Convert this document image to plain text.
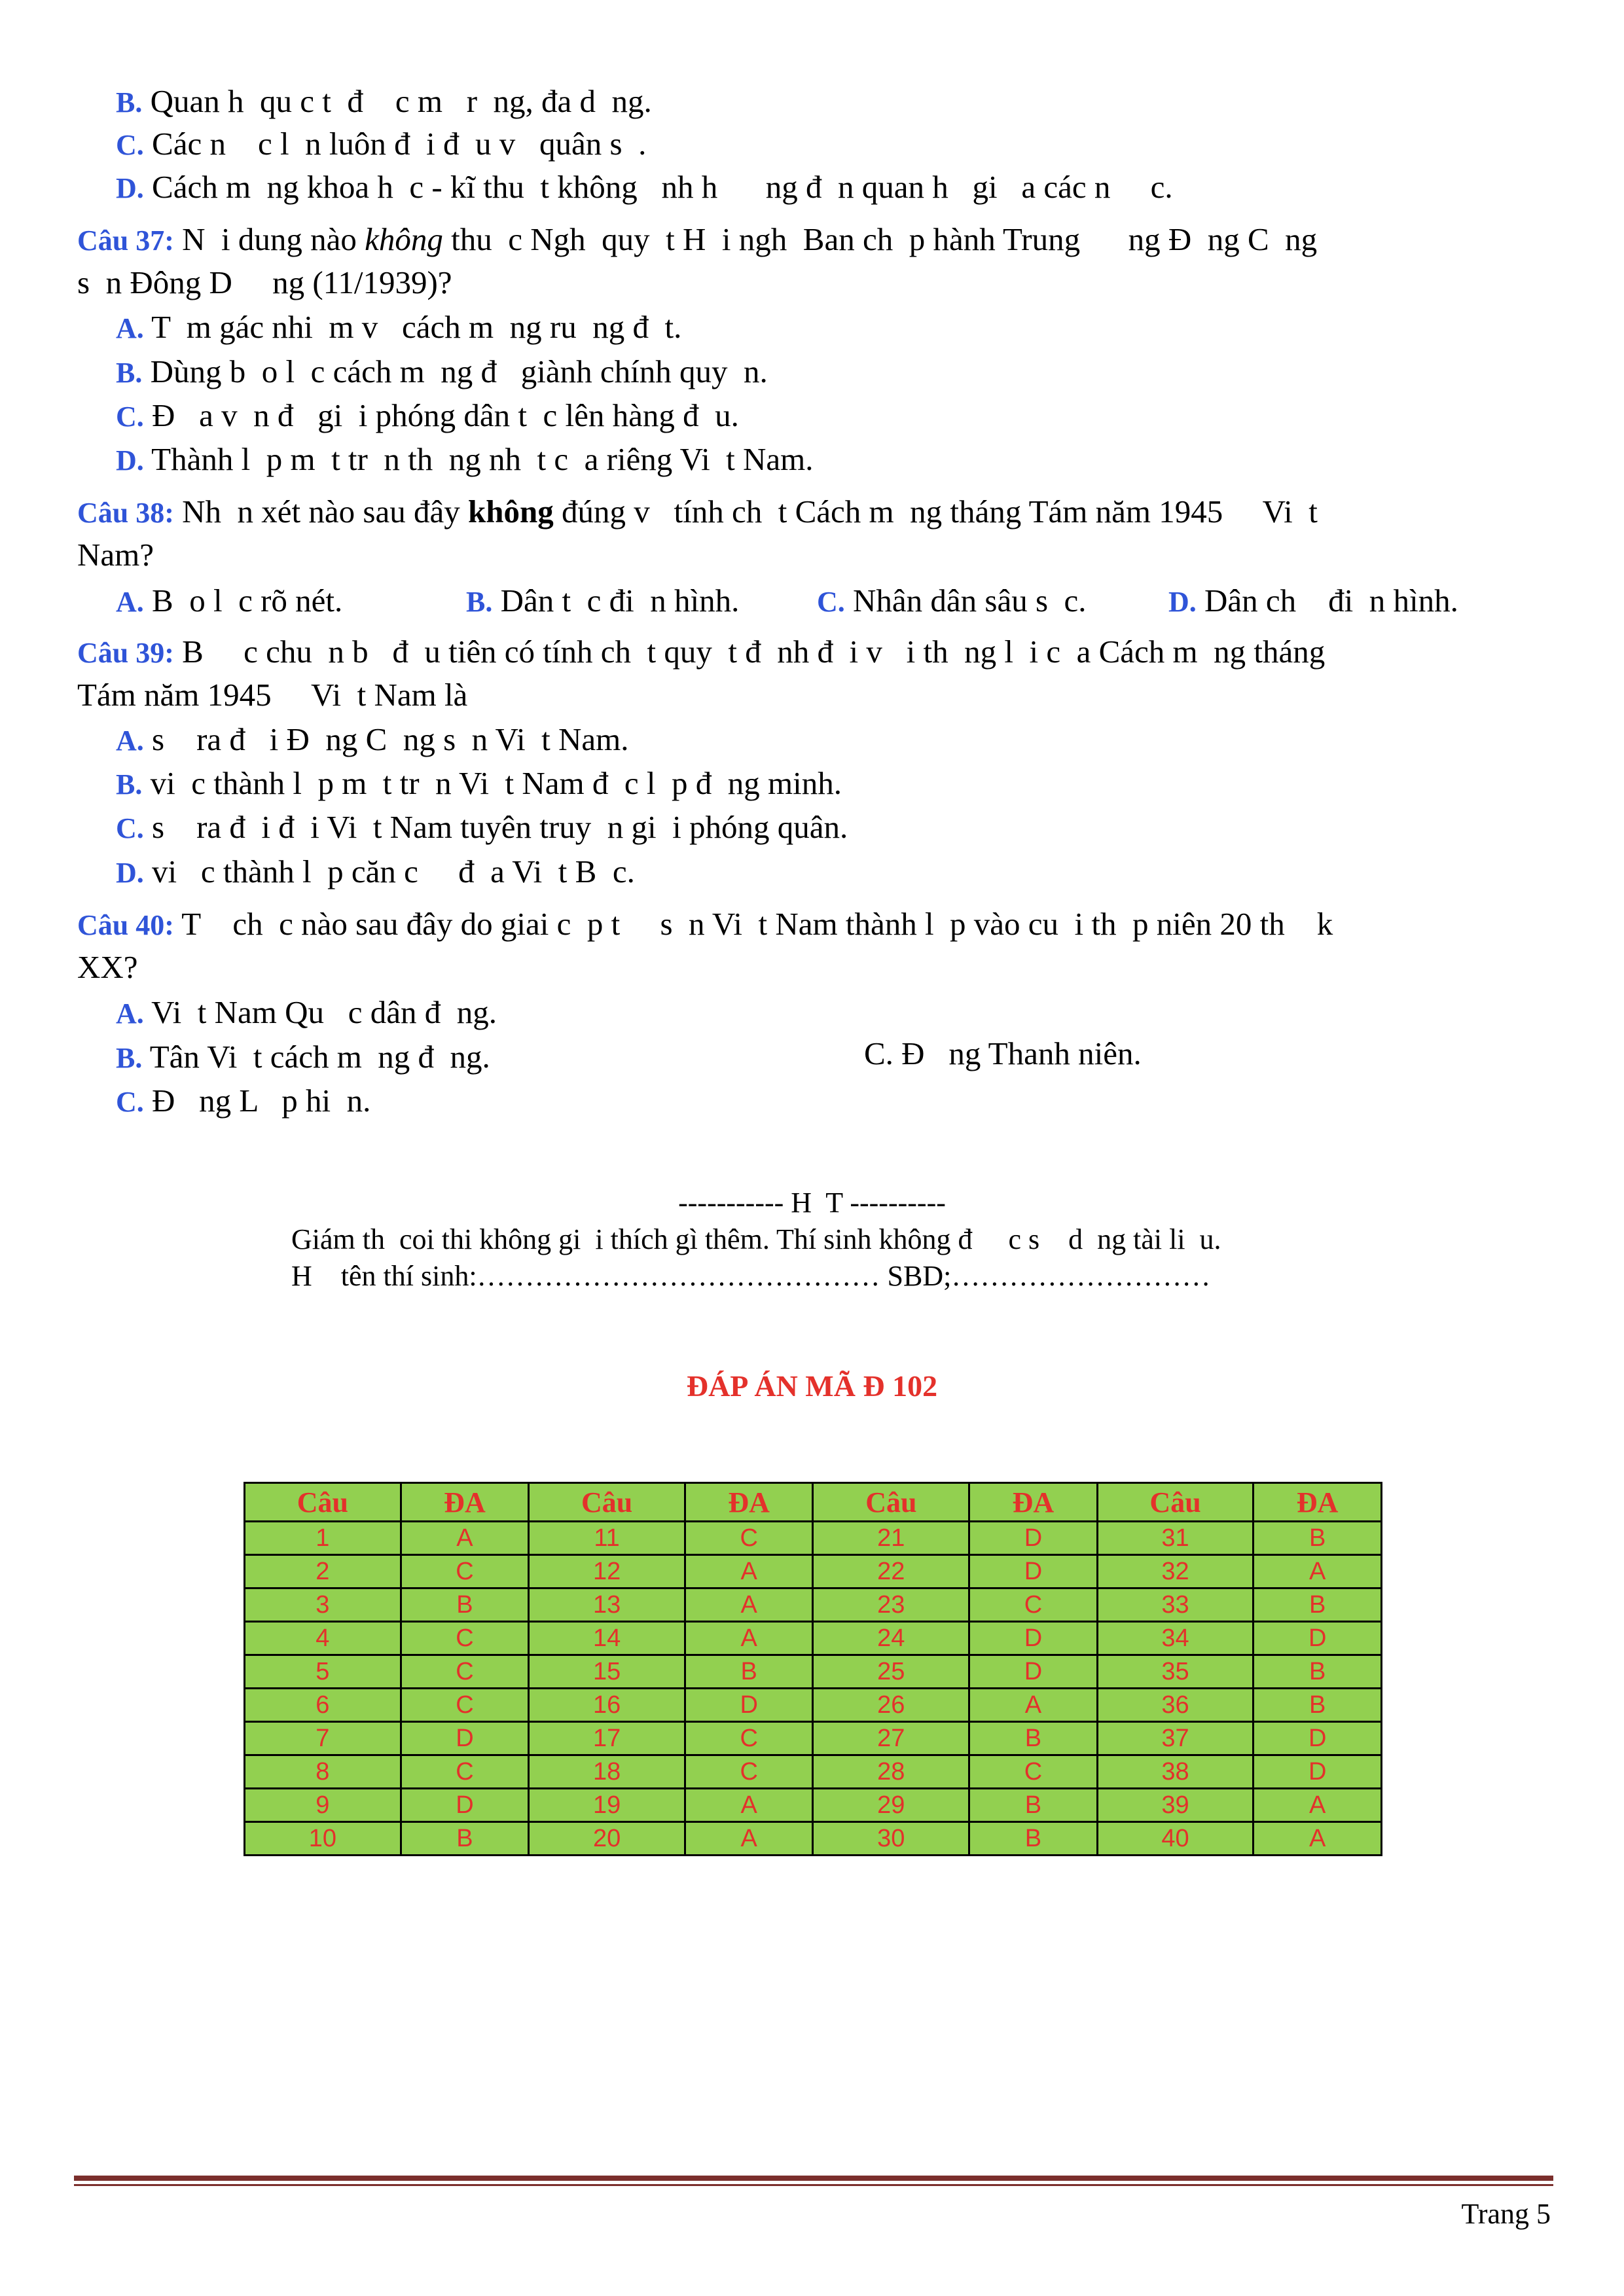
B. Quan h  qu c t  đ    c m   r  ng, đa d  ng.
C. Các n    c l  n luôn đ  i đ  u v   quân s  .
D. Cách m  ng khoa h  c - kĩ thu  t không   nh h      ng đ  n quan h   gi   a các n     c.
Câu 37: N  i dung nào không thu  c Ngh  quy  t H  i ngh  Ban ch  p hành Trung      ng Đ  ng C  ng
s  n Đông D     ng (11/1939)?
A. T  m gác nhi  m v   cách m  ng ru  ng đ  t.
B. Dùng b  o l  c cách m  ng đ   giành chính quy  n.
C. Đ   a v  n đ   gi  i phóng dân t  c lên hàng đ  u.
D. Thành l  p m  t tr  n th  ng nh  t c  a riêng Vi  t Nam.
Câu 38: Nh  n xét nào sau đây không đúng v   tính ch  t Cách m  ng tháng Tám năm 1945     Vi  t
Nam?
A. B  o l  c rõ nét.	B. Dân t  c đi  n hình.	C. Nhân dân sâu s  c.	D. Dân ch    đi  n hình.
Câu 39: B     c chu  n b   đ  u tiên có tính ch  t quy  t đ  nh đ  i v   i th  ng l  i c  a Cách m  ng tháng
Tám năm 1945     Vi  t Nam là
A. s    ra đ   i Đ  ng C  ng s  n Vi  t Nam.
B. vi  c thành l  p m  t tr  n Vi  t Nam đ  c l  p đ  ng minh.
C. s    ra đ  i đ  i Vi  t Nam tuyên truy  n gi  i phóng quân.
D. vi   c thành l  p căn c     đ  a Vi  t B  c.
Câu 40: T    ch  c nào sau đây do giai c  p t     s  n Vi  t Nam thành l  p vào cu  i th  p niên 20 th    k
XX?
A. Vi  t Nam Qu   c dân đ  ng.
B. Tân Vi  t cách m  ng đ  ng.	C. Đ   ng Thanh niên.
C. Đ   ng L   p hi  n.
----------- H  T ----------
Giám th  coi thi không gi  i thích gì thêm. Thí sinh không đ     c s    d  ng tài li  u.
H    tên thí sinh:…………………………………… SBD;………………………
ĐÁP ÁN MÃ Đ 102
Câu	ĐA	Câu	ĐA	Câu	ĐA	Câu	ĐA
1	A	11	C	21	D	31	B
2	C	12	A	22	D	32	A
3	B	13	A	23	C	33	B
4	C	14	A	24	D	34	D
5	C	15	B	25	D	35	B
6	C	16	D	26	A	36	B
7	D	17	C	27	B	37	D
8	C	18	C	28	C	38	D
9	D	19	A	29	B	39	A
10	B	20	A	30	B	40	A
Trang 5
